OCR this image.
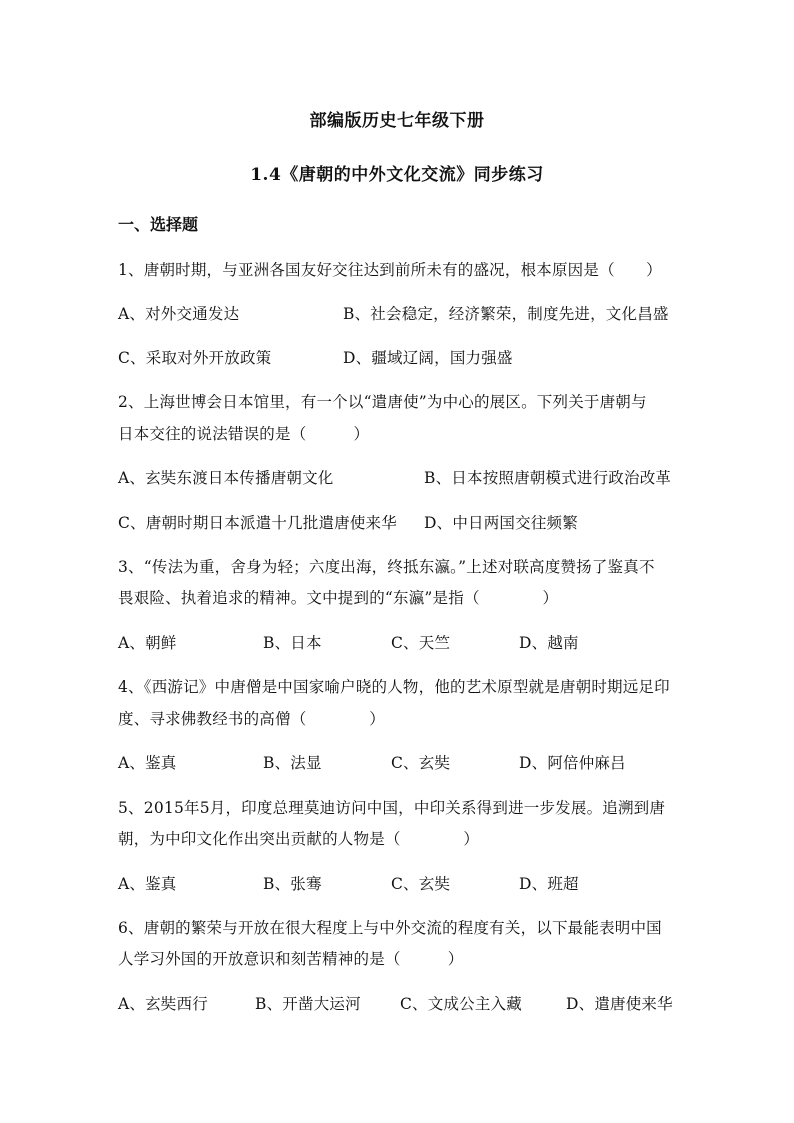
部编版历史七年级下册
1.4《唐朝的中外文化交流》同步练习
一、选择题
1、唐朝时期，与亚洲各国友好交往达到前所未有的盛况，根本原因是（　　）
A、对外交通发达	B、社会稳定，经济繁荣，制度先进，文化昌盛
C、采取对外开放政策	D、疆域辽阔，国力强盛
2、上海世博会日本馆里，有一个以“遣唐使”为中心的展区。下列关于唐朝与
日本交往的说法错误的是（　　　）
A、玄奘东渡日本传播唐朝文化	B、日本按照唐朝模式进行政治改革
C、唐朝时期日本派遣十几批遣唐使来华 D、中日两国交往频繁
3、“传法为重，舍身为轻；六度出海，终抵东瀛。”上述对联高度赞扬了鉴真不
畏艰险、执着追求的精神。文中提到的“东瀛”是指（　　　　）
A、朝鲜	B、日本	C、天竺	D、越南
4、《西游记》中唐僧是中国家喻户晓的人物，他的艺术原型就是唐朝时期远足印
度、寻求佛教经书的高僧（　　　　）
A、鉴真	B、法显	C、玄奘	D、阿倍仲麻吕
5、2015年5月，印度总理莫迪访问中国，中印关系得到进一步发展。追溯到唐
朝，为中印文化作出突出贡献的人物是（　　　　）
A、鉴真	B、张骞	C、玄奘	D、班超
6、唐朝的繁荣与开放在很大程度上与中外交流的程度有关，以下最能表明中国
人学习外国的开放意识和刻苦精神的是（　　　）
A、玄奘西行	B、开凿大运河	C、文成公主入藏	D、遣唐使来华
